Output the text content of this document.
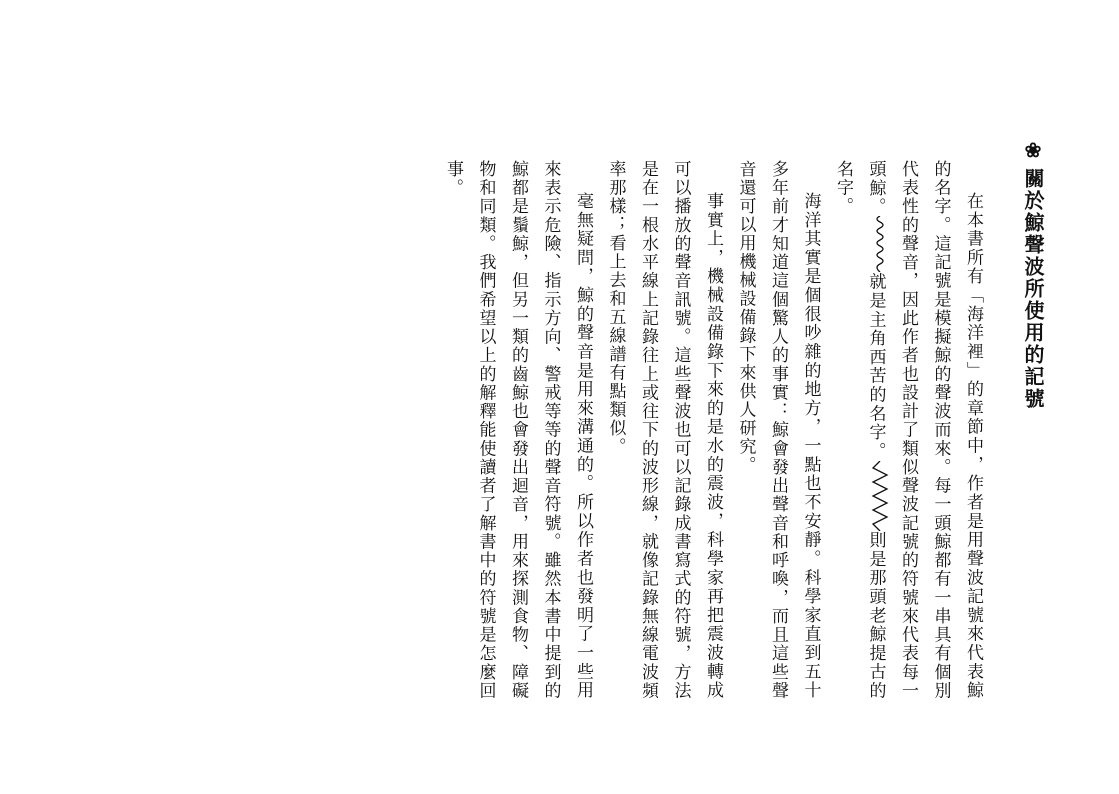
❀關於鯨聲波所使用的記號

在本書所有「海洋裡」的章節中，作者是用聲波記號來代表鯨的名字。這記號是模擬鯨的聲波而來。每一頭鯨都有一串具有個別代表性的聲音，因此作者也設計了類似聲波記號的符號來代表每一頭鯨。就是主角西苦的名字。則是那頭老鯨提古的名字。

海洋其實是個很吵雜的地方，一點也不安靜。科學家直到五十多年前才知道這個驚人的事實：鯨會發出聲音和呼喚，而且這些聲音還可以用機械設備錄下來供人研究。

事實上，機械設備錄下來的是水的震波，科學家再把震波轉成可以播放的聲音訊號。這些聲波也可以記錄成書寫式的符號，方法是在一根水平線上記錄往上或往下的波形線，就像記錄無線電波頻率那樣；看上去和五線譜有點類似。

毫無疑問，鯨的聲音是用來溝通的。所以作者也發明了一些用來表示危險、指示方向、警戒等等的聲音符號。雖然本書中提到的鯨都是鬚鯨，但另一類的齒鯨也會發出迴音，用來探測食物、障礙物和同類。我們希望以上的解釋能使讀者了解書中的符號是怎麼回事。
